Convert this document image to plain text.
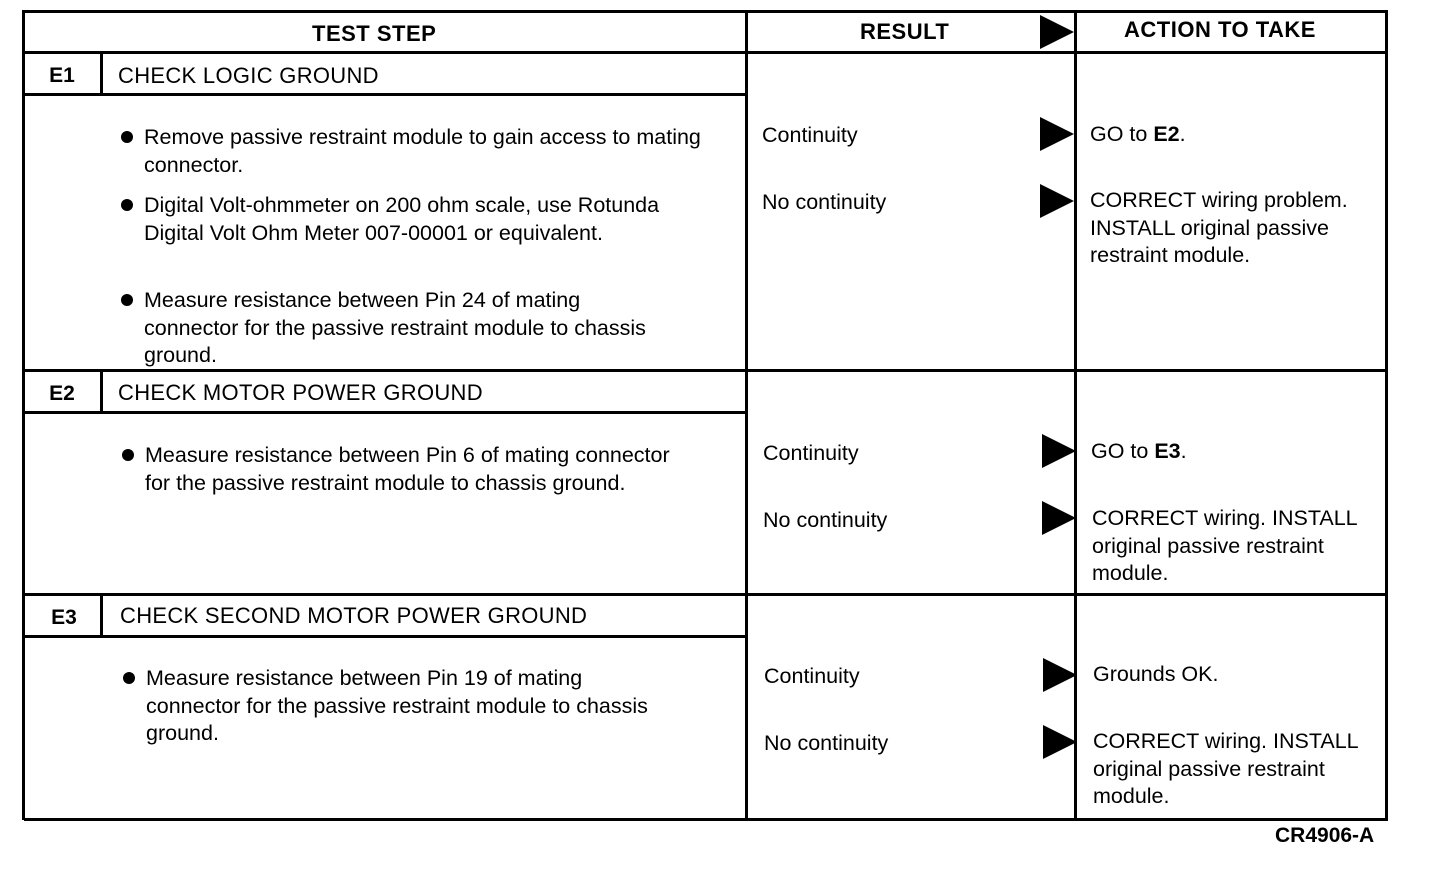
TEST STEP	RESULT	ACTION TO TAKE
E1	CHECK LOGIC GROUND
Remove passive restraint module to gain access to mating connector.
Digital Volt-ohmmeter on 200 ohm scale, use Rotunda Digital Volt Ohm Meter 007-00001 or equivalent.
Measure resistance between Pin 24 of mating connector for the passive restraint module to chassis ground.
Continuity	GO to E2.
No continuity	CORRECT wiring problem. INSTALL original passive restraint module.
E2	CHECK MOTOR POWER GROUND
Measure resistance between Pin 6 of mating connector for the passive restraint module to chassis ground.
Continuity	GO to E3.
No continuity	CORRECT wiring. INSTALL original passive restraint module.
E3	CHECK SECOND MOTOR POWER GROUND
Measure resistance between Pin 19 of mating connector for the passive restraint module to chassis ground.
Continuity	Grounds OK.
No continuity	CORRECT wiring. INSTALL original passive restraint module.
CR4906-A
